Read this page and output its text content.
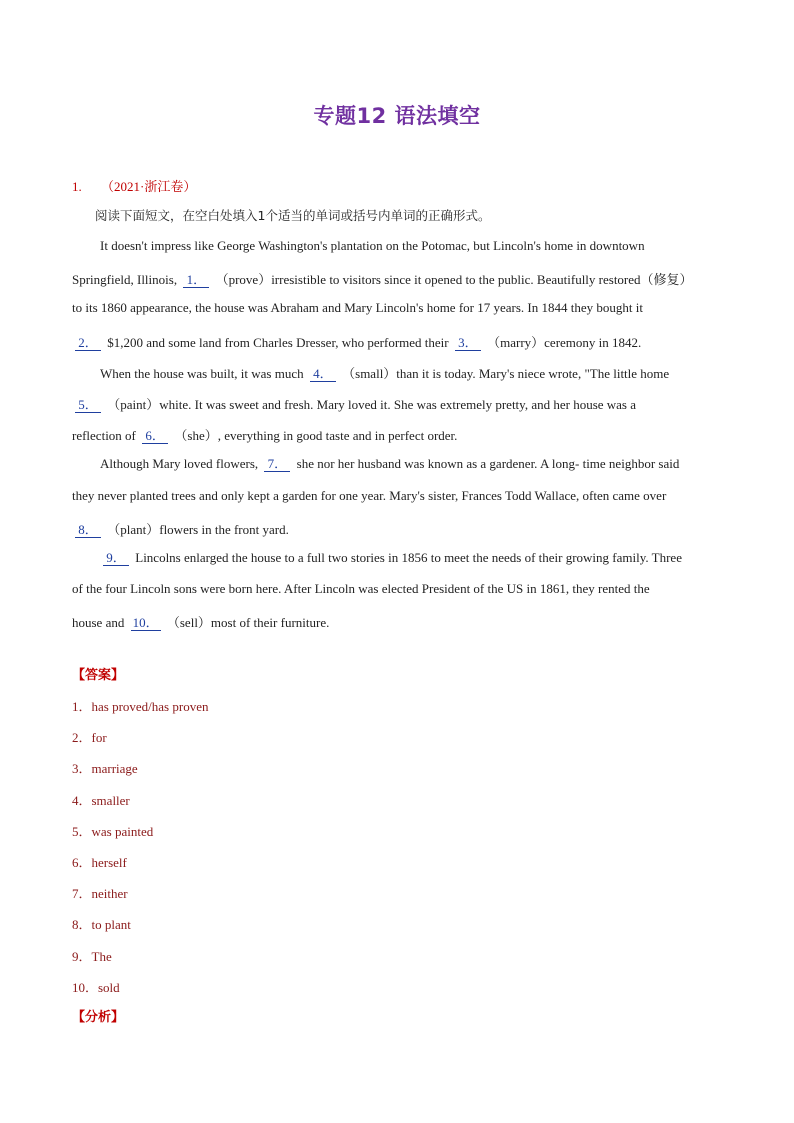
专题12 语法填空
1. （2021·浙江卷）
阅读下面短文，在空白处填入1个适当的单词或括号内单词的正确形式。
It doesn't impress like George Washington's plantation on the Potomac, but Lincoln's home in downtown
Springfield, Illinois, 1． （prove）irresistible to visitors since it opened to the public. Beautifully restored（修复）
to its 1860 appearance, the house was Abraham and Mary Lincoln's home for 17 years. In 1844 they bought it
2． $1,200 and some land from Charles Dresser, who performed their 3． （marry）ceremony in 1842.
When the house was built, it was much 4． （small）than it is today. Mary's niece wrote, "The little home
5． （paint）white. It was sweet and fresh. Mary loved it. She was extremely pretty, and her house was a
reflection of 6． （she）, everything in good taste and in perfect order.
Although Mary loved flowers, 7． she nor her husband was known as a gardener. A long- time neighbor said
they never planted trees and only kept a garden for one year. Mary's sister, Frances Todd Wallace, often came over
8． （plant）flowers in the front yard.
9． Lincolns enlarged the house to a full two stories in 1856 to meet the needs of their growing family. Three
of the four Lincoln sons were born here. After Lincoln was elected President of the US in 1861, they rented the
house and 10． （sell）most of their furniture.
【答案】
1．has proved/has proven
2．for
3．marriage
4．smaller
5．was painted
6．herself
7．neither
8．to plant
9．The
10．sold
【分析】
